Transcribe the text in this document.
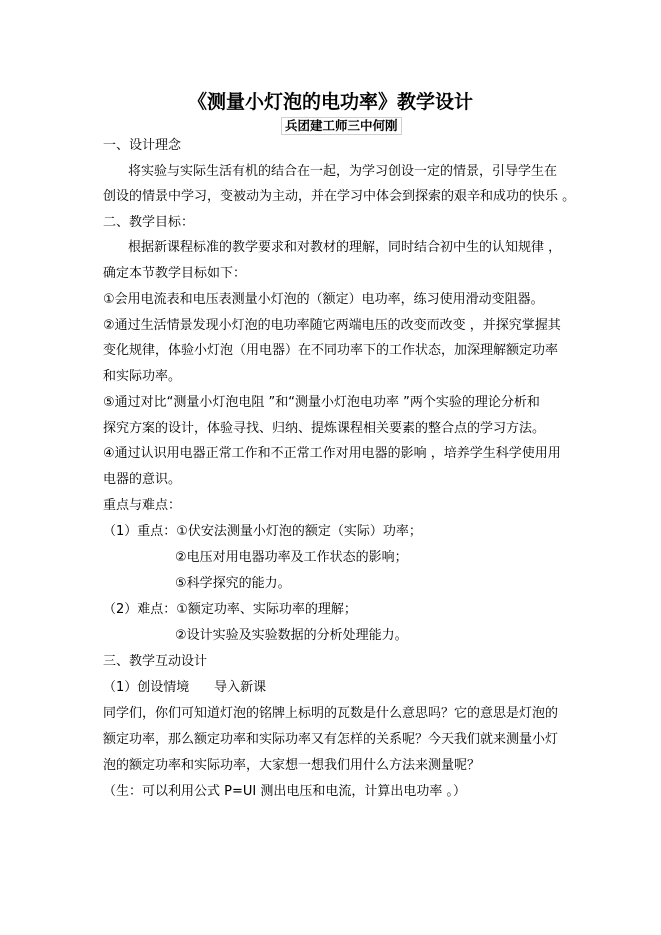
《测量小灯泡的电功率》教学设计
兵团建工师三中何刚
一、设计理念
将实验与实际生活有机的结合在一起，为学习创设一定的情景，引导学生在
创设的情景中学习，变被动为主动，并在学习中体会到探索的艰辛和成功的快乐 。
二、教学目标：
根据新课程标准的教学要求和对教材的理解，同时结合初中生的认知规律 ，
确定本节教学目标如下：
①会用电流表和电压表测量小灯泡的（额定）电功率，练习使用滑动变阻器。
②通过生活情景发现小灯泡的电功率随它两端电压的改变而改变 ，并探究掌握其
变化规律，体验小灯泡（用电器）在不同功率下的工作状态，加深理解额定功率
和实际功率。
⑤通过对比“测量小灯泡电阻 ”和“测量小灯泡电功率 ”两个实验的理论分析和
探究方案的设计，体验寻找、归纳、提炼课程相关要素的整合点的学习方法。
④通过认识用电器正常工作和不正常工作对用电器的影响 ，培养学生科学使用用
电器的意识。
重点与难点：
（1）重点：①伏安法测量小灯泡的额定（实际）功率；
②电压对用电器功率及工作状态的影响；
⑤科学探究的能力。
（2）难点：①额定功率、实际功率的理解；
②设计实验及实验数据的分析处理能力。
三、教学互动设计
（1）创设情境      导入新课
同学们，你们可知道灯泡的铭牌上标明的瓦数是什么意思吗？它的意思是灯泡的
额定功率，那么额定功率和实际功率又有怎样的关系呢？今天我们就来测量小灯
泡的额定功率和实际功率，大家想一想我们用什么方法来测量呢？
（生：可以利用公式 P=UI 测出电压和电流，计算出电功率 。）
